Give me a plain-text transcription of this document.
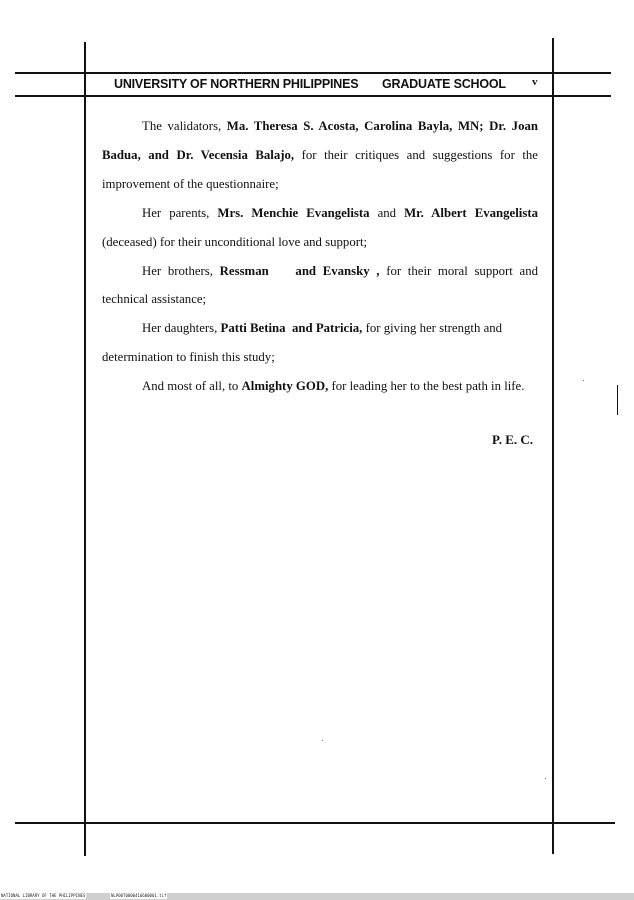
UNIVERSITY OF NORTHERN PHILIPPINES GRADUATE SCHOOL v

The validators, Ma. Theresa S. Acosta, Carolina Bayla, MN; Dr. Joan

Badua, and Dr. Vecensia Balajo, for their critiques and suggestions for the

improvement of the questionnaire;

Her parents, Mrs. Menchie Evangelista and Mr. Albert Evangelista

(deceased) for their unconditional love and support;

Her brothers, Ressman and Evansky , for their moral support and

technical assistance;

Her daughters, Patti Betina and Patricia, for giving her strength and

determination to finish this study;

And most of all, to Almighty GOD, for leading her to the best path in life.

P. E. C.
NATIONAL LIBRARY OF THE PHILIPPINES	NLP00T0000416600001.tif
